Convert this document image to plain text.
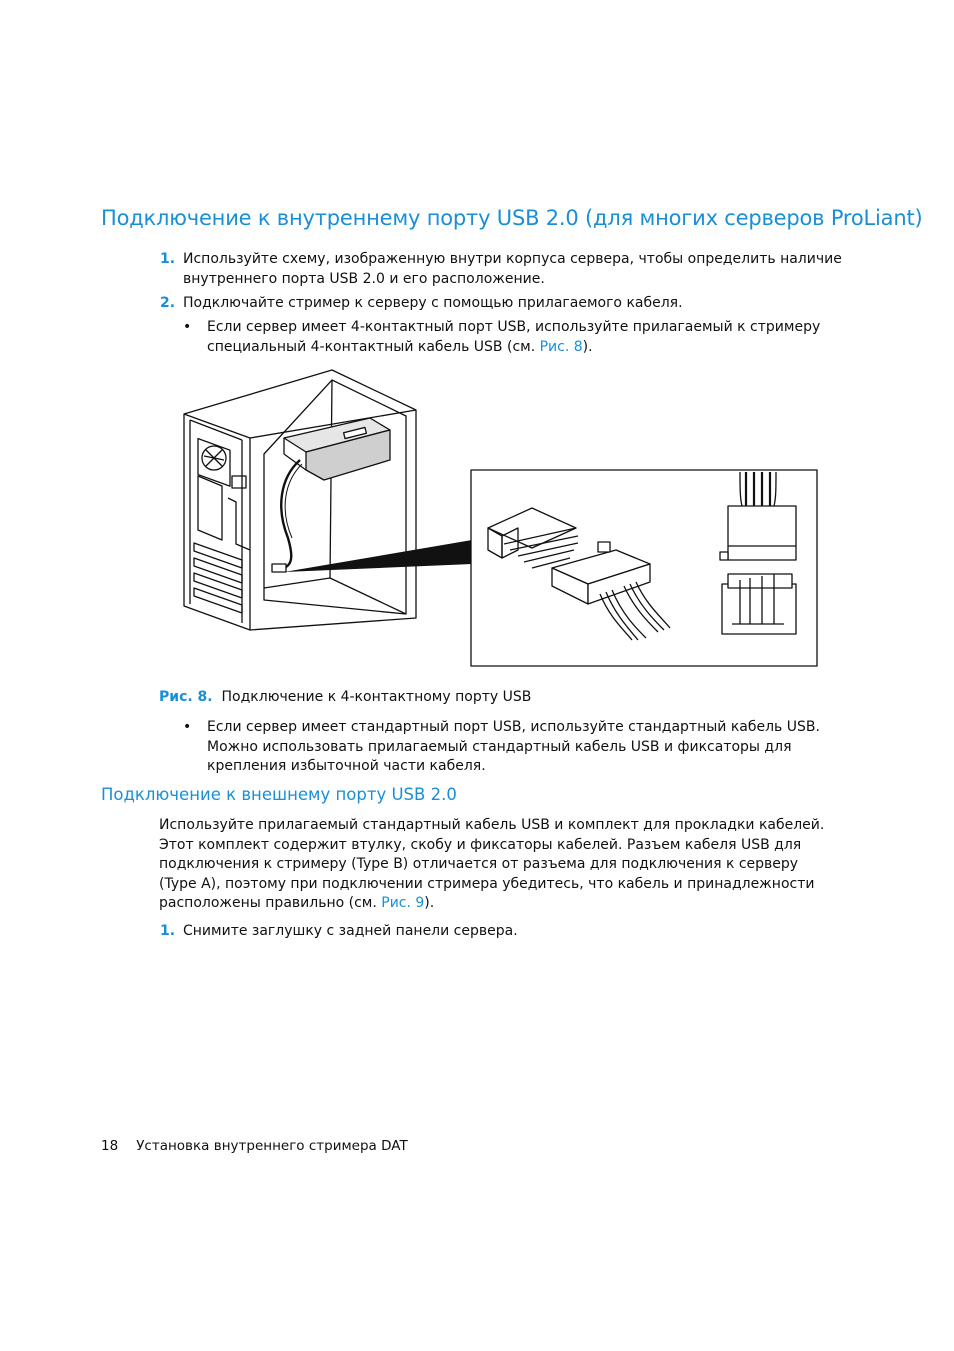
Подключение к внутреннему порту USB 2.0 (для многих серверов ProLiant)
1. Используйте схему, изображенную внутри корпуса сервера, чтобы определить наличие внутреннего порта USB 2.0 и его расположение.
2. Подключайте стример к серверу с помощью прилагаемого кабеля.
• Если сервер имеет 4-контактный порт USB, используйте прилагаемый к стримеру специальный 4-контактный кабель USB (см. Рис. 8).
Рис. 8. Подключение к 4-контактному порту USB
• Если сервер имеет стандартный порт USB, используйте стандартный кабель USB. Можно использовать прилагаемый стандартный кабель USB и фиксаторы для крепления избыточной части кабеля.
Подключение к внешнему порту USB 2.0
Используйте прилагаемый стандартный кабель USB и комплект для прокладки кабелей. Этот комплект содержит втулку, скобу и фиксаторы кабелей. Разъем кабеля USB для подключения к стримеру (Type B) отличается от разъема для подключения к серверу (Type A), поэтому при подключении стримера убедитесь, что кабель и принадлежности расположены правильно (см. Рис. 9).
1. Снимите заглушку с задней панели сервера.
18 Установка внутреннего стримера DAT
